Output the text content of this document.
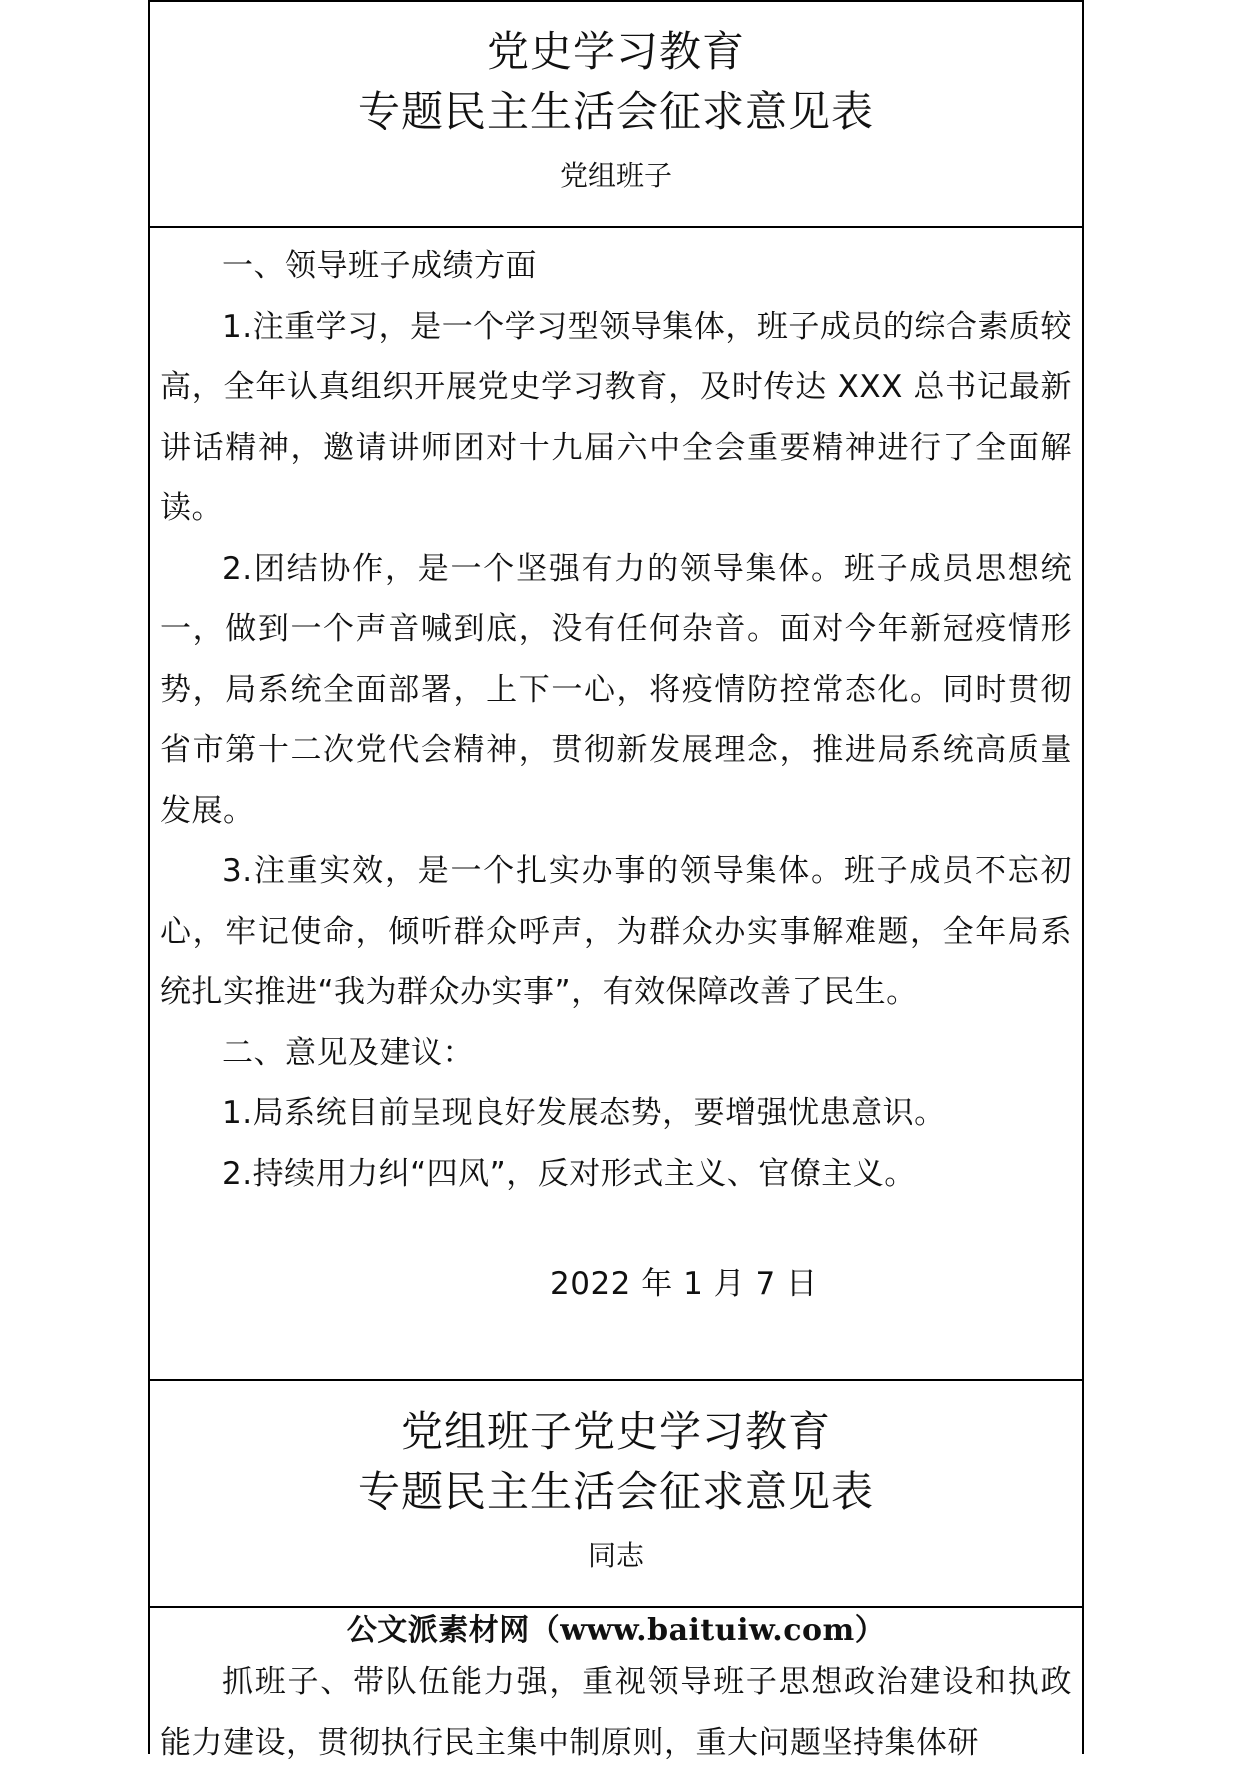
党史学习教育
专题民主生活会征求意见表
党组班子

一、领导班子成绩方面

1.注重学习，是一个学习型领导集体，班子成员的综合素质较高，全年认真组织开展党史学习教育，及时传达 XXX 总书记最新讲话精神，邀请讲师团对十九届六中全会重要精神进行了全面解读。

2.团结协作，是一个坚强有力的领导集体。班子成员思想统一，做到一个声音喊到底，没有任何杂音。面对今年新冠疫情形势，局系统全面部署，上下一心，将疫情防控常态化。同时贯彻省市第十二次党代会精神，贯彻新发展理念，推进局系统高质量发展。

3.注重实效，是一个扎实办事的领导集体。班子成员不忘初心，牢记使命，倾听群众呼声，为群众办实事解难题，全年局系统扎实推进“我为群众办实事”，有效保障改善了民生。

二、意见及建议：

1.局系统目前呈现良好发展态势，要增强忧患意识。

2.持续用力纠“四风”，反对形式主义、官僚主义。

2022 年 1 月 7 日
党组班子党史学习教育
专题民主生活会征求意见表
同志
公文派素材网（www.baituiw.com）

抓班子、带队伍能力强，重视领导班子思想政治建设和执政能力建设，贯彻执行民主集中制原则，重大问题坚持集体研
